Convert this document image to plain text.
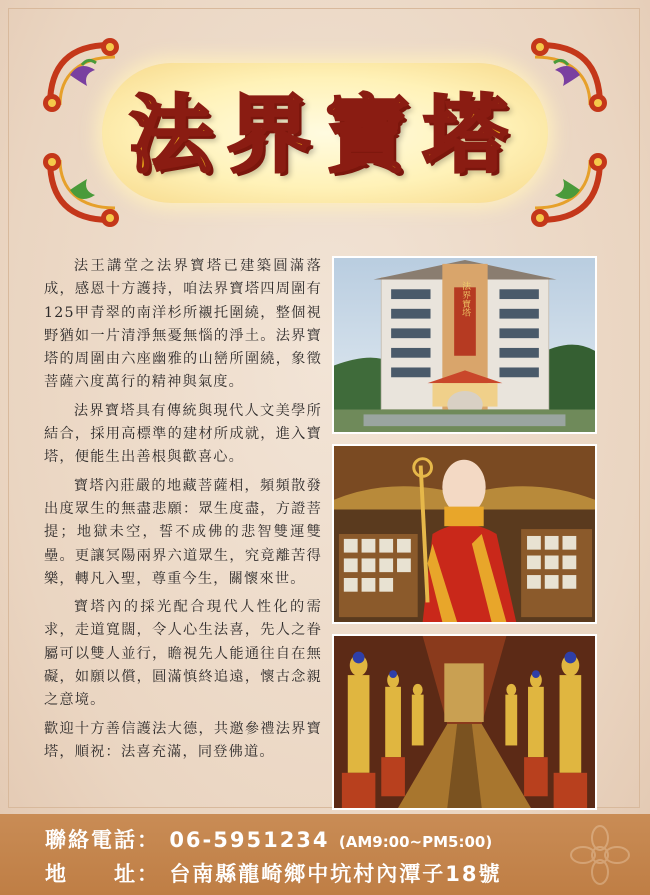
法界寶塔

法王講堂之法界寶塔已建築圓滿落成，感恩十方護持，咱法界寶塔四周圍有125甲青翠的南洋杉所襯托圍繞，整個視野猶如一片清淨無憂無惱的淨土。法界寶塔的周圍由六座幽雅的山巒所圍繞，象徵菩薩六度萬行的精神與氣度。

法界寶塔具有傳統與現代人文美學所結合，採用高標準的建材所成就，進入寶塔，便能生出善根與歡喜心。

寶塔內莊嚴的地藏菩薩相，頻頻散發出度眾生的無盡悲願：眾生度盡，方證菩提；地獄未空，誓不成佛的悲智雙運雙壘。更讓冥陽兩界六道眾生，究竟離苦得樂，轉凡入聖，尊重今生，關懷來世。

寶塔內的採光配合現代人性化的需求，走道寬闊，令人心生法喜，先人之眷屬可以雙人並行，瞻視先人能通往自在無礙，如願以償，圓滿慎終追遠，懷古念親之意境。

歡迎十方善信護法大德，共邀參禮法界寶塔，順祝：法喜充滿，同登佛道。

法界寶塔
聯絡電話： 06-5951234 (AM9:00~PM5:00)
地　　址： 台南縣龍崎鄉中坑村內潭子18號
